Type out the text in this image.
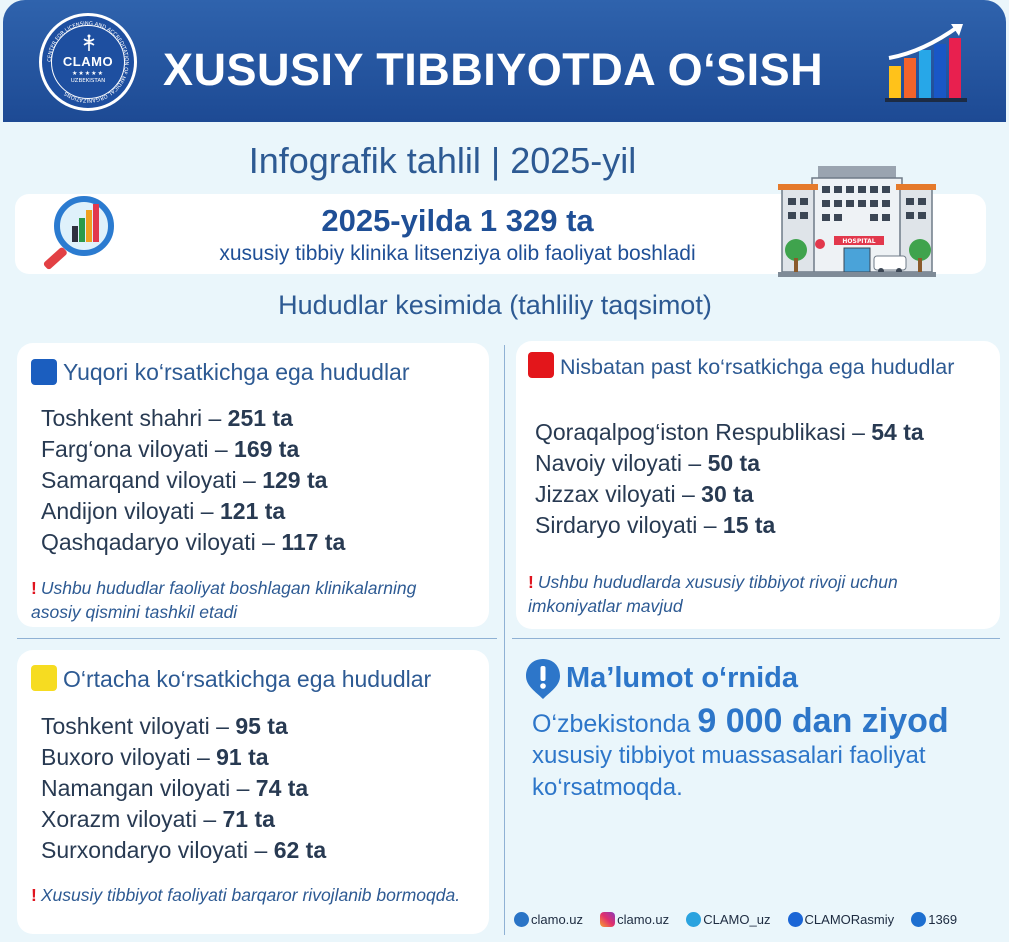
CENTER FOR LICENSING AND ACCREDITATION OF MEDICAL ORGANIZATIONS
CLAMO
★★★★★
UZBEKISTAN	XUSUSIY TIBBIYOTDA O‘SISH
Infografik tahlil | 2025-yil
2025-yilda 1 329 ta
xususiy tibbiy klinika litsenziya olib faoliyat boshladi
HOSPITAL
Hududlar kesimida (tahliliy taqsimot)
Yuqori ko‘rsatkichga ega hududlar
Toshkent shahri – 251 ta
Farg‘ona viloyati – 169 ta
Samarqand viloyati – 129 ta
Andijon viloyati – 121 ta
Qashqadaryo viloyati – 117 ta
! Ushbu hududlar faoliyat boshlagan klinikalarning asosiy qismini tashkil etadi
Nisbatan past ko‘rsatkichga ega hududlar
Qoraqalpog‘iston Respublikasi – 54 ta
Navoiy viloyati – 50 ta
Jizzax viloyati – 30 ta
Sirdaryo viloyati – 15 ta
! Ushbu hududlarda xususiy tibbiyot rivoji uchun imkoniyatlar mavjud
O‘rtacha ko‘rsatkichga ega hududlar
Toshkent viloyati – 95 ta
Buxoro viloyati – 91 ta
Namangan viloyati – 74 ta
Xorazm viloyati – 71 ta
Surxondaryo viloyati – 62 ta
! Xususiy tibbiyot faoliyati barqaror rivojlanib bormoqda.
Ma’lumot o‘rnida
O‘zbekistonda 9 000 dan ziyod
xususiy tibbiyot muassasalari faoliyat ko‘rsatmoqda.
clamo.uz	clamo.uz	CLAMO_uz	CLAMORasmiy	1369
